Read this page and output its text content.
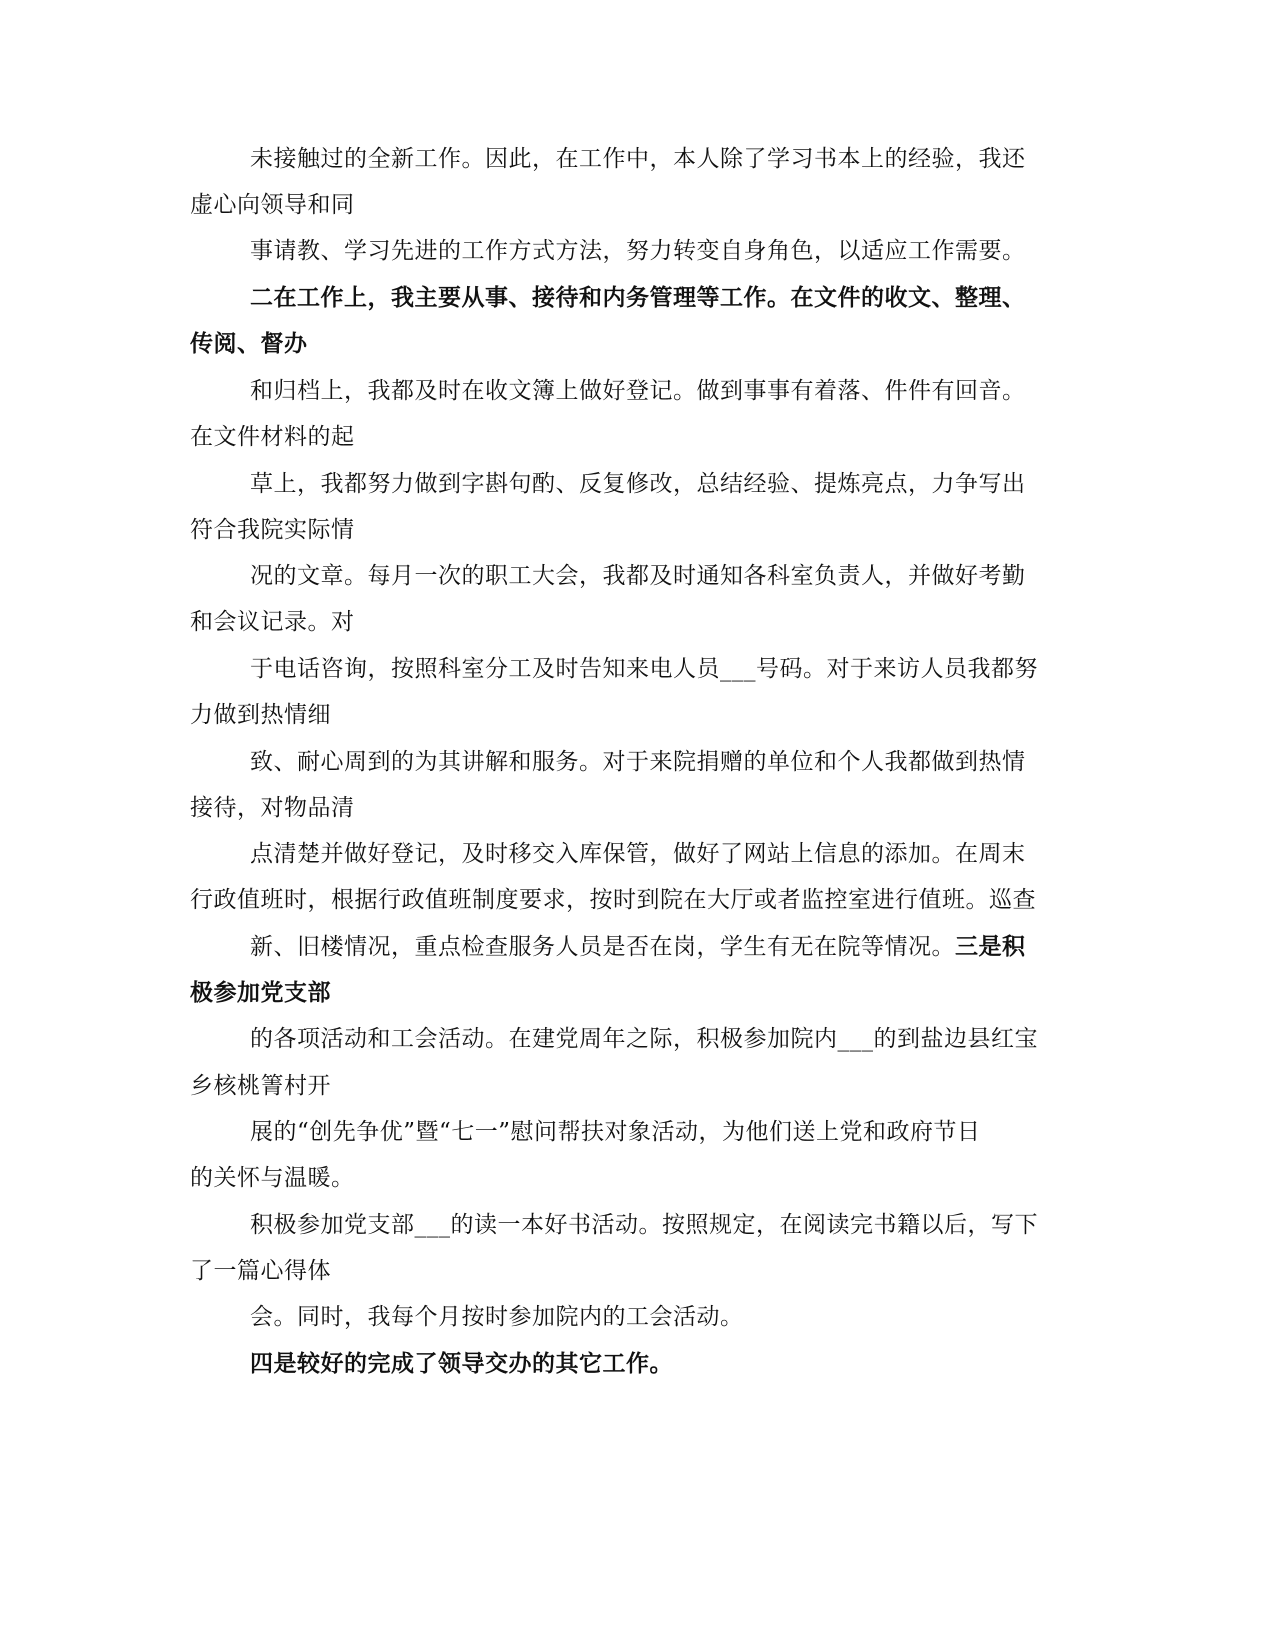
未接触过的全新工作。因此，在工作中，本人除了学习书本上的经验，我还
虚心向领导和同
事请教、学习先进的工作方式方法，努力转变自身角色，以适应工作需要。
二在工作上，我主要从事、接待和内务管理等工作。在文件的收文、整理、
传阅、督办
和归档上，我都及时在收文簿上做好登记。做到事事有着落、件件有回音。
在文件材料的起
草上，我都努力做到字斟句酌、反复修改，总结经验、提炼亮点，力争写出
符合我院实际情
况的文章。每月一次的职工大会，我都及时通知各科室负责人，并做好考勤
和会议记录。对
于电话咨询，按照科室分工及时告知来电人员___号码。对于来访人员我都努
力做到热情细
致、耐心周到的为其讲解和服务。对于来院捐赠的单位和个人我都做到热情
接待，对物品清
点清楚并做好登记，及时移交入库保管，做好了网站上信息的添加。在周末
行政值班时，根据行政值班制度要求，按时到院在大厅或者监控室进行值班。巡查
新、旧楼情况，重点检查服务人员是否在岗，学生有无在院等情况。三是积
极参加党支部
的各项活动和工会活动。在建党周年之际，积极参加院内___的到盐边县红宝
乡核桃箐村开
展的“创先争优”暨“七一”慰问帮扶对象活动，为他们送上党和政府节日
的关怀与温暖。
积极参加党支部___的读一本好书活动。按照规定，在阅读完书籍以后，写下
了一篇心得体
会。同时，我每个月按时参加院内的工会活动。
四是较好的完成了领导交办的其它工作。
